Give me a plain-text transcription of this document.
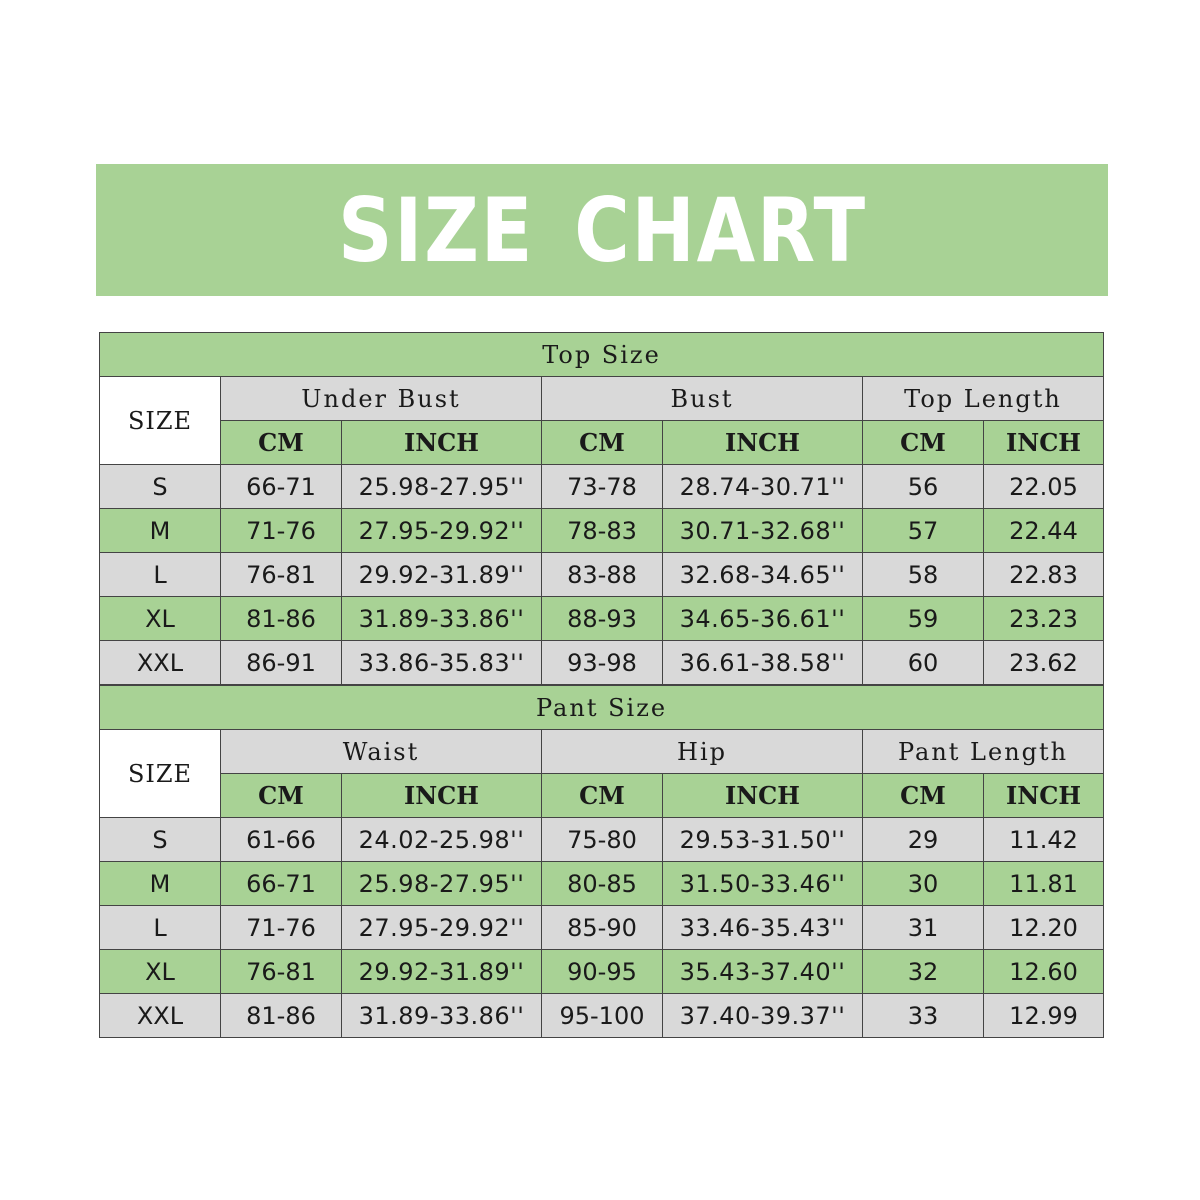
SIZE CHART
Top Size						
SIZE	Under Bust		Bust		Top Length	
	CM	INCH	CM	INCH	CM	INCH
S	66-71	25.98-27.95''	73-78	28.74-30.71''	56	22.05
M	71-76	27.95-29.92''	78-83	30.71-32.68''	57	22.44
L	76-81	29.92-31.89''	83-88	32.68-34.65''	58	22.83
XL	81-86	31.89-33.86''	88-93	34.65-36.61''	59	23.23
XXL	86-91	33.86-35.83''	93-98	36.61-38.58''	60	23.62
Pant Size						
SIZE	Waist		Hip		Pant Length	
	CM	INCH	CM	INCH	CM	INCH
S	61-66	24.02-25.98''	75-80	29.53-31.50''	29	11.42
M	66-71	25.98-27.95''	80-85	31.50-33.46''	30	11.81
L	71-76	27.95-29.92''	85-90	33.46-35.43''	31	12.20
XL	76-81	29.92-31.89''	90-95	35.43-37.40''	32	12.60
XXL	81-86	31.89-33.86''	95-100	37.40-39.37''	33	12.99
